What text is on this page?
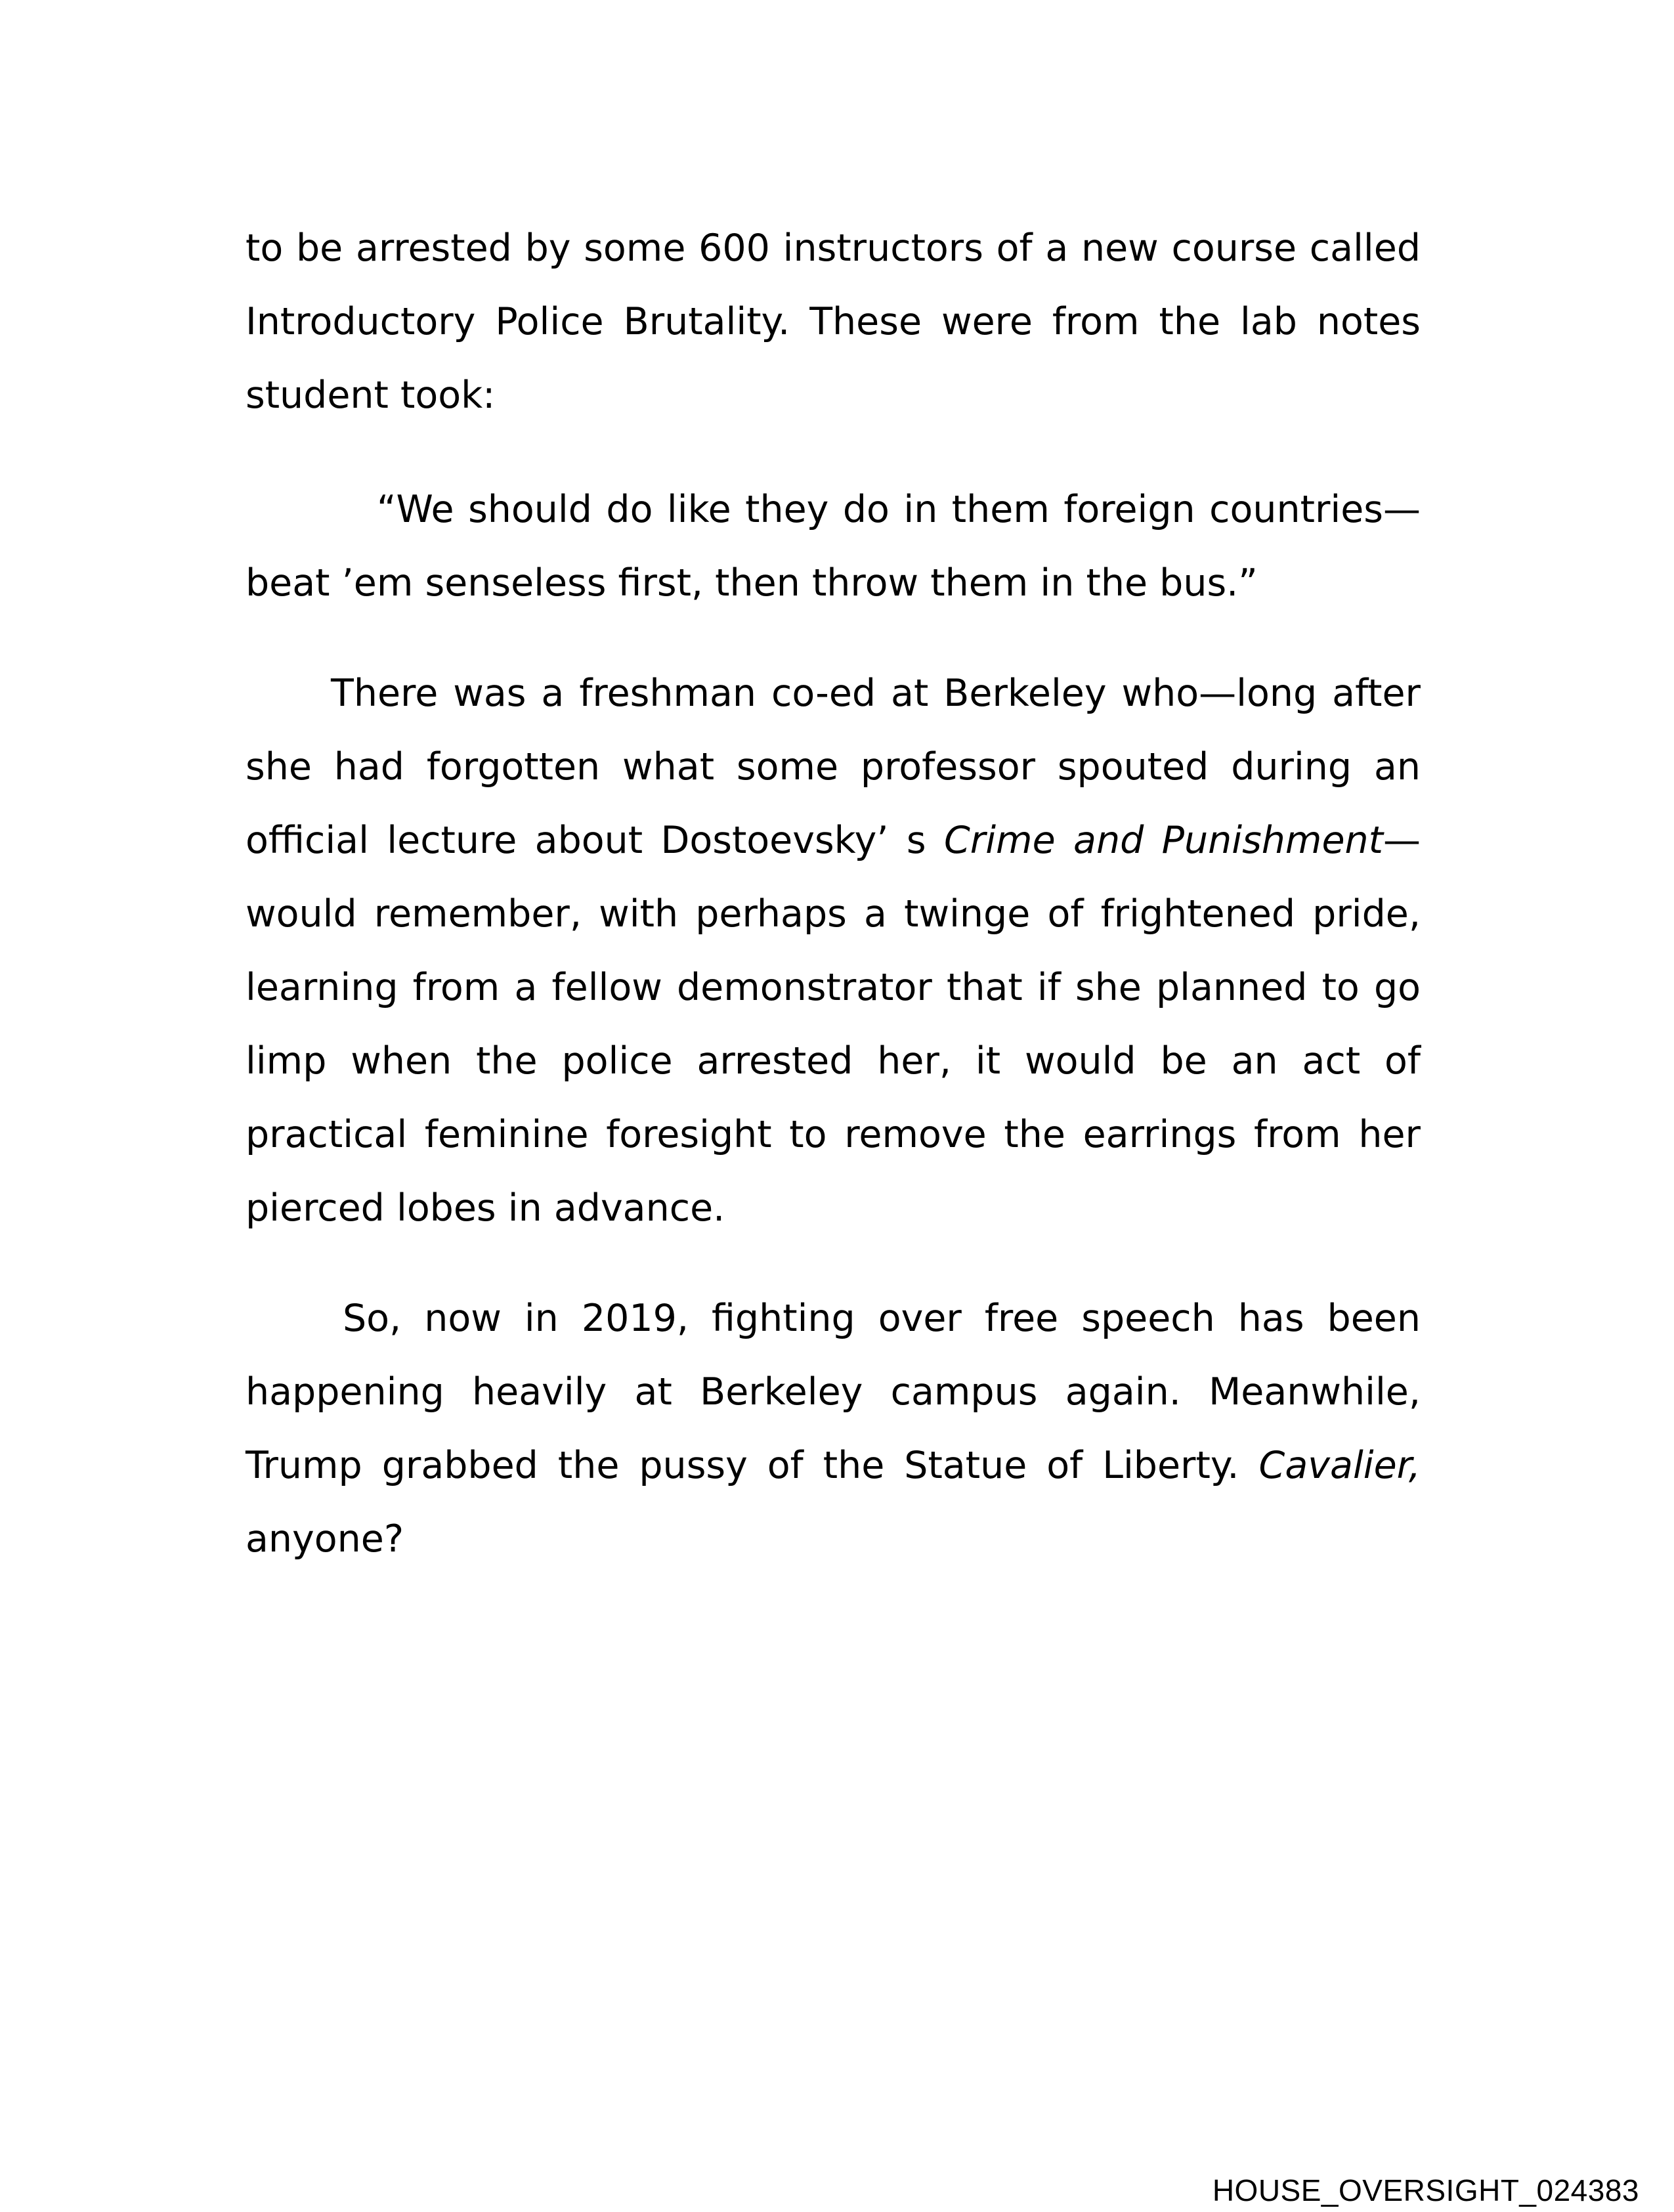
to be arrested by some 600 instructors of a new course called Introductory Police Brutality. These were from the lab notes student took:

“We should do like they do in them foreign countries—beat ’em senseless first, then throw them in the bus.”

There was a freshman co-ed at Berkeley who—long after she had forgotten what some professor spouted during an official lecture about Dostoevsky’ s Crime and Punishment—would remember, with perhaps a twinge of frightened pride, learning from a fellow demonstrator that if she planned to go limp when the police arrested her, it would be an act of practical feminine foresight to remove the earrings from her pierced lobes in advance.

So, now in 2019, fighting over free speech has been happening heavily at Berkeley campus again. Meanwhile, Trump grabbed the pussy of the Statue of Liberty. Cavalier, anyone?

HOUSE_OVERSIGHT_024383
